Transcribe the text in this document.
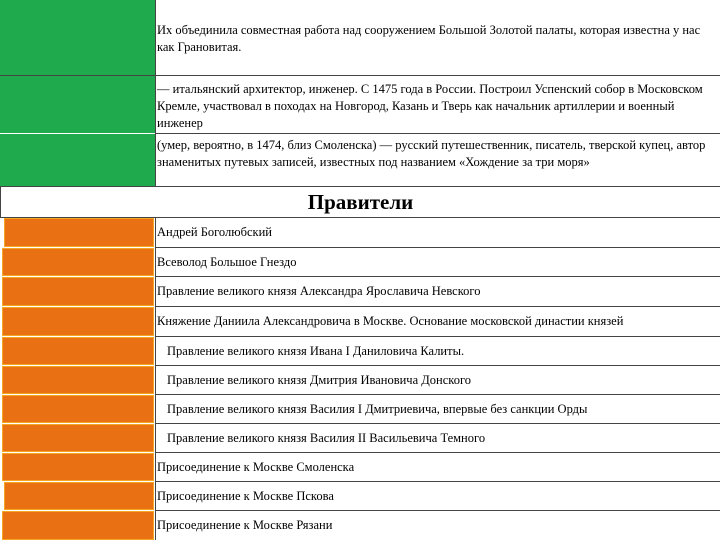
Их объединила совместная работа над сооружением Большой Золотой палаты, которая известна у нас как Грановитая.
— итальянский архитектор, инженер. С 1475 года в России. Построил Успенский собор в Московском Кремле, участвовал в походах на Новгород, Казань и Тверь как начальник артиллерии и военный инженер
(умер, вероятно, в 1474, близ Смоленска) — русский путешественник, писатель, тверской купец, автор знаменитых путевых записей, известных под названием «Хождение за три моря»
Правители
Андрей Боголюбский
Всеволод Большое Гнездо
Правление великого князя Александра Ярославича Невского
Княжение Даниила Александровича в Москве. Основание московской династии князей
Правление великого князя Ивана I Даниловича Калиты.
Правление великого князя Дмитрия Ивановича Донского
Правление великого князя Василия I Дмитриевича, впервые без санкции Орды
Правление великого князя Василия II Васильевича Темного
Присоединение к Москве Смоленска
Присоединение к Москве Пскова
Присоединение к Москве Рязани
